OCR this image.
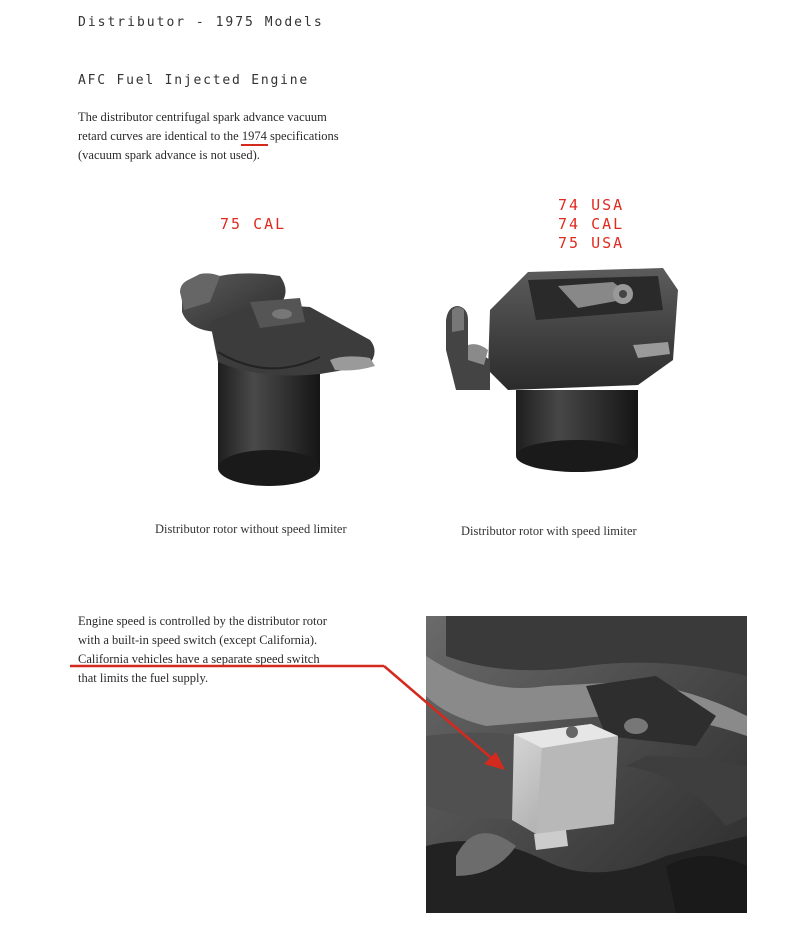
Distributor - 1975 Models
AFC Fuel Injected Engine
The distributor centrifugal spark advance vacuum
retard curves are identical to the 1974
specifications
(vacuum spark advance is not used).
75 CAL
74 USA
74 CAL
75 USA
Distributor rotor without speed limiter	Distributor rotor with speed limiter
Engine speed is controlled by the distributor rotor
with a built-in speed switch (except California).
California vehicles have a separate speed switch
that limits the fuel supply.
